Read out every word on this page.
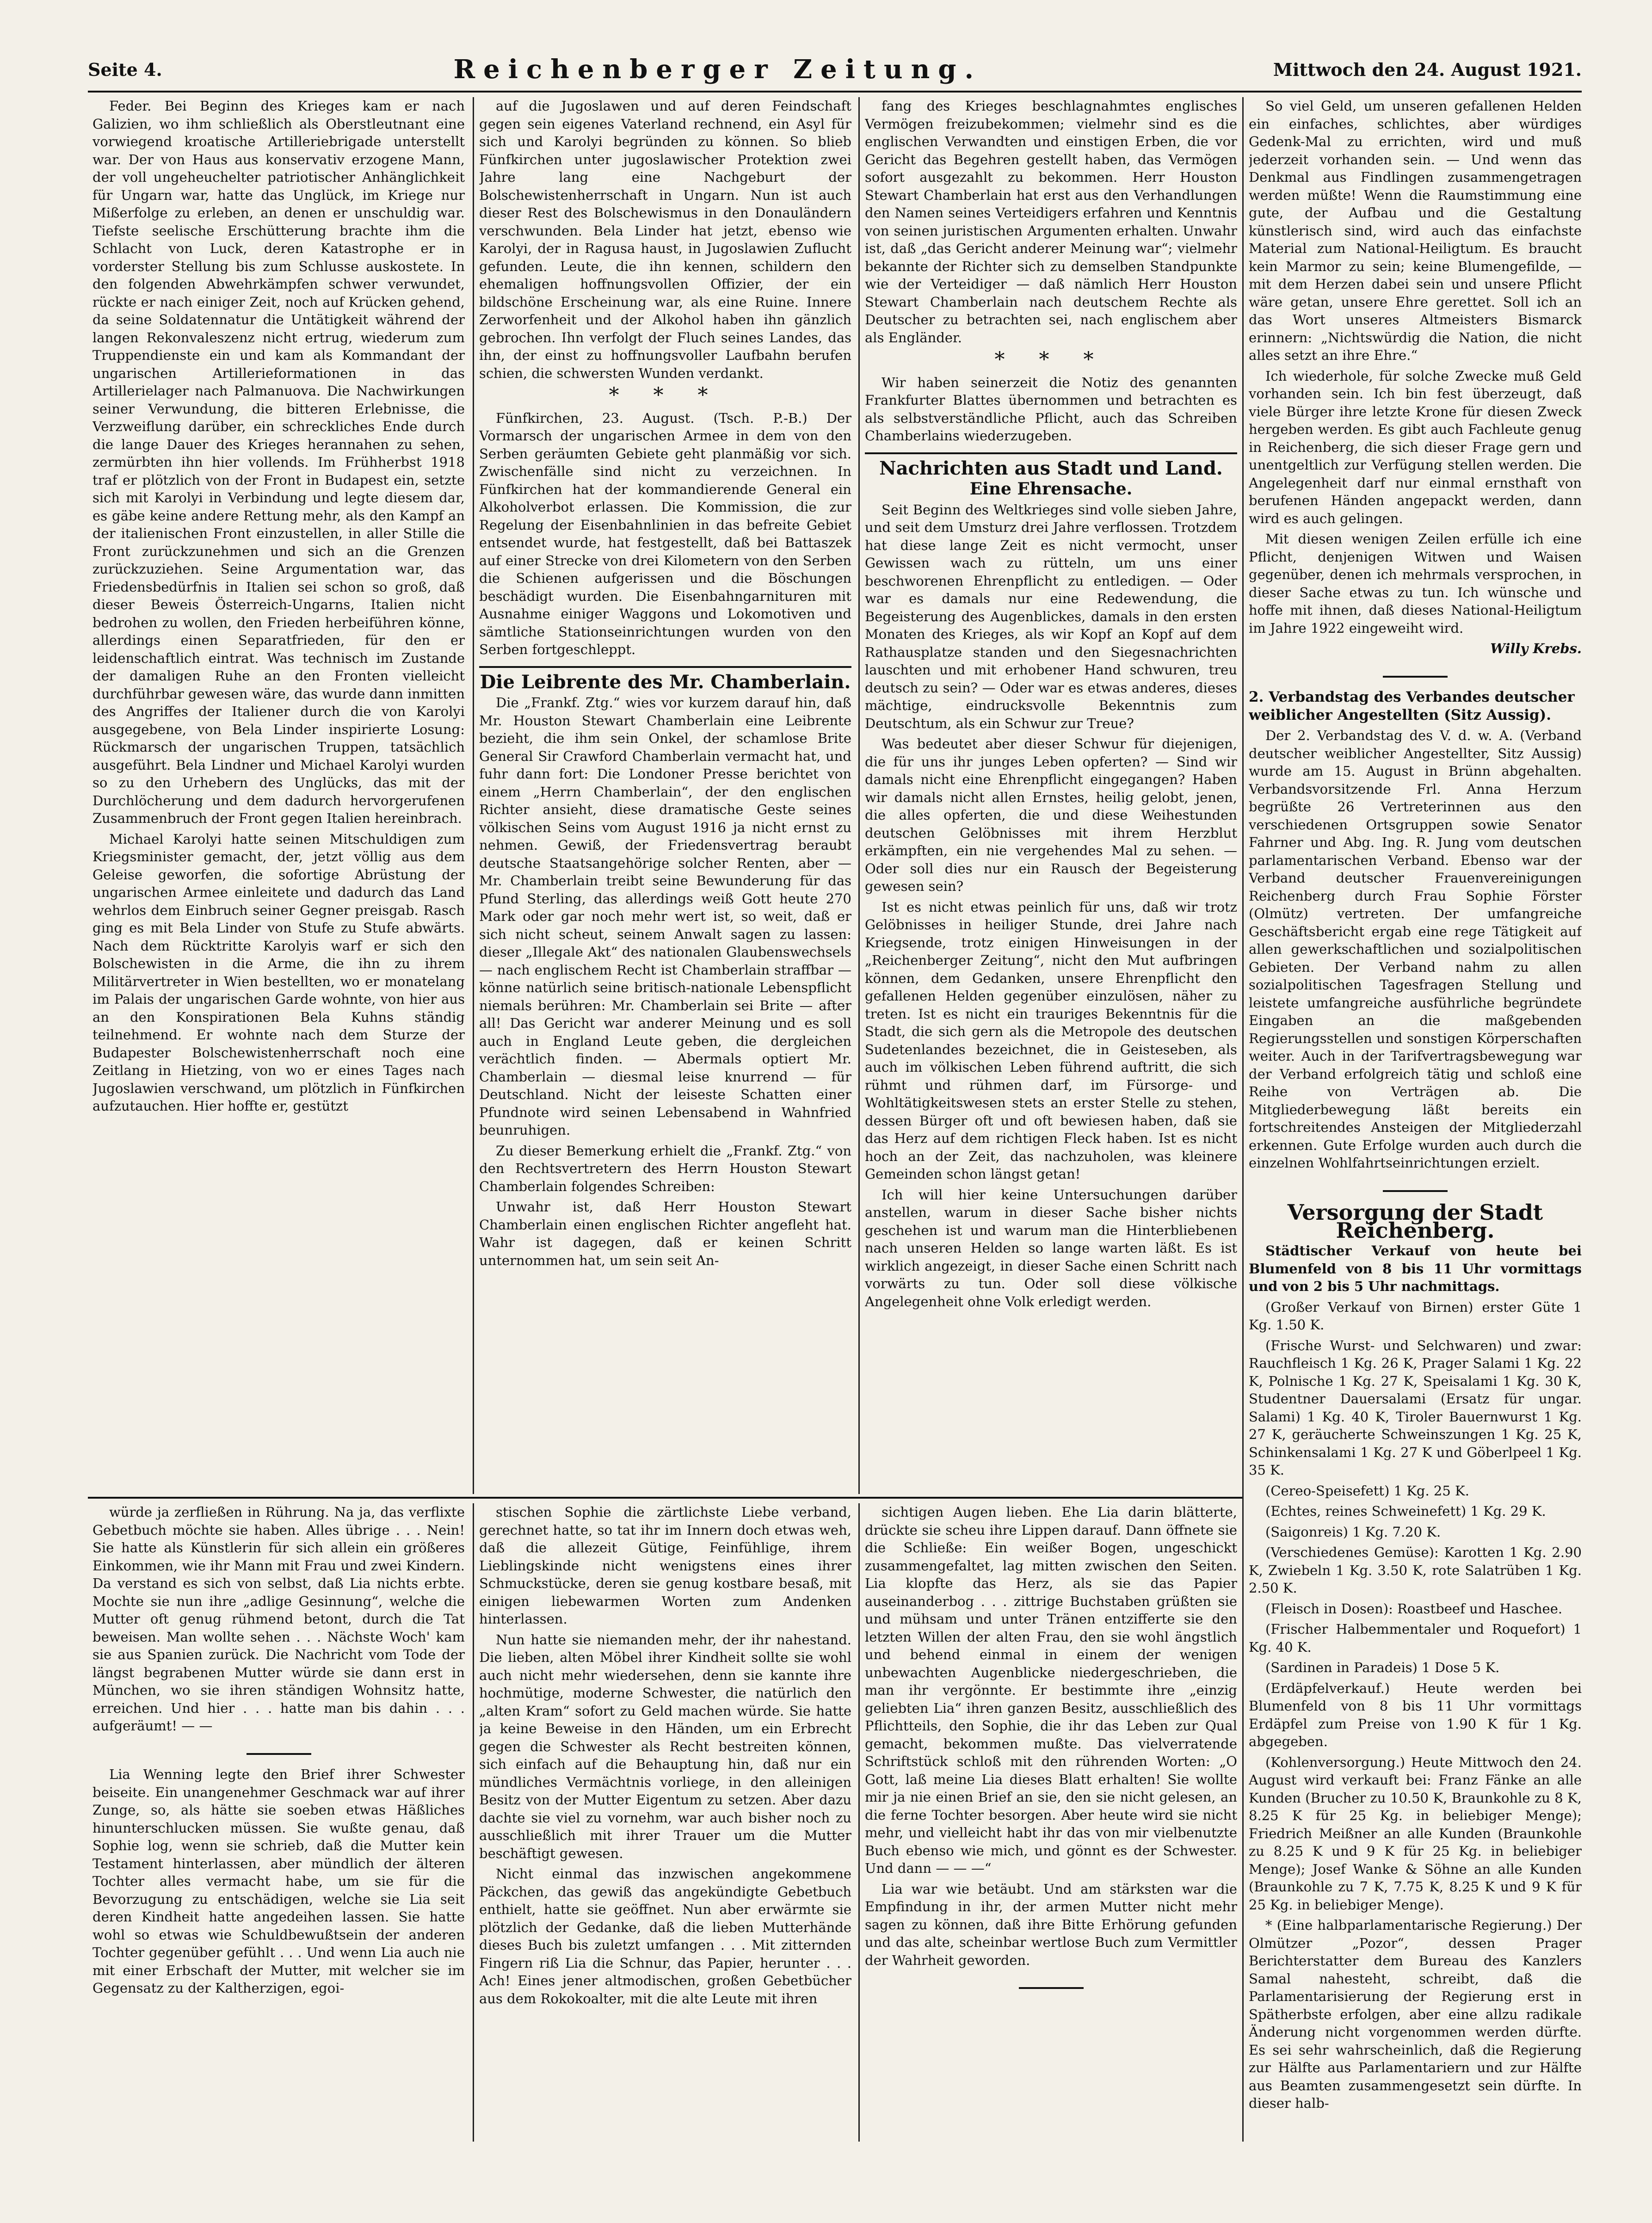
Seite 4.	Reichenberger Zeitung.	Mittwoch den 24. August 1921.

Feder. Bei Beginn des Krieges kam er nach Galizien, wo ihm schließlich als Oberstleutnant eine vorwiegend kroatische Artilleriebrigade unterstellt war. Der von Haus aus konservativ erzogene Mann, der voll ungeheuchelter patriotischer Anhänglichkeit für Ungarn war, hatte das Unglück, im Kriege nur Mißerfolge zu erleben, an denen er unschuldig war. Tiefste seelische Erschütterung brachte ihm die Schlacht von Luck, deren Katastrophe er in vorderster Stellung bis zum Schlusse auskostete. In den folgenden Abwehrkämpfen schwer verwundet, rückte er nach einiger Zeit, noch auf Krücken gehend, da seine Soldatennatur die Untätigkeit während der langen Rekonvaleszenz nicht ertrug, wiederum zum Truppendienste ein und kam als Kommandant der ungarischen Artillerieformationen in das Artillerielager nach Palmanuova. Die Nachwirkungen seiner Verwundung, die bitteren Erlebnisse, die Verzweiflung darüber, ein schreckliches Ende durch die lange Dauer des Krieges herannahen zu sehen, zermürbten ihn hier vollends. Im Frühherbst 1918 traf er plötzlich von der Front in Budapest ein, setzte sich mit Karolyi in Verbindung und legte diesem dar, es gäbe keine andere Rettung mehr, als den Kampf an der italienischen Front einzustellen, in aller Stille die Front zurückzunehmen und sich an die Grenzen zurückzuziehen. Seine Argumentation war, das Friedensbedürfnis in Italien sei schon so groß, daß dieser Beweis Österreich-Ungarns, Italien nicht bedrohen zu wollen, den Frieden herbeiführen könne, allerdings einen Separatfrieden, für den er leidenschaftlich eintrat. Was technisch im Zustande der damaligen Ruhe an den Fronten vielleicht durchführbar gewesen wäre, das wurde dann inmitten des Angriffes der Italiener durch die von Karolyi ausgegebene, von Bela Linder inspirierte Losung: Rückmarsch der ungarischen Truppen, tatsächlich ausgeführt. Bela Lindner und Michael Karolyi wurden so zu den Urhebern des Unglücks, das mit der Durchlöcherung und dem dadurch hervorgerufenen Zusammenbruch der Front gegen Italien hereinbrach.

Michael Karolyi hatte seinen Mitschuldigen zum Kriegsminister gemacht, der, jetzt völlig aus dem Geleise geworfen, die sofortige Abrüstung der ungarischen Armee einleitete und dadurch das Land wehrlos dem Einbruch seiner Gegner preisgab. Rasch ging es mit Bela Linder von Stufe zu Stufe abwärts. Nach dem Rücktritte Karolyis warf er sich den Bolschewisten in die Arme, die ihn zu ihrem Militärvertreter in Wien bestellten, wo er monatelang im Palais der ungarischen Garde wohnte, von hier aus an den Konspirationen Bela Kuhns ständig teilnehmend. Er wohnte nach dem Sturze der Budapester Bolschewistenherrschaft noch eine Zeitlang in Hietzing, von wo er eines Tages nach Jugoslawien verschwand, um plötzlich in Fünfkirchen aufzutauchen. Hier hoffte er, gestützt

auf die Jugoslawen und auf deren Feindschaft gegen sein eigenes Vaterland rechnend, ein Asyl für sich und Karolyi begründen zu können. So blieb Fünfkirchen unter jugoslawischer Protektion zwei Jahre lang eine Nachgeburt der Bolschewistenherrschaft in Ungarn. Nun ist auch dieser Rest des Bolschewismus in den Donauländern verschwunden. Bela Linder hat jetzt, ebenso wie Karolyi, der in Ragusa haust, in Jugoslawien Zuflucht gefunden. Leute, die ihn kennen, schildern den ehemaligen hoffnungsvollen Offizier, der ein bildschöne Erscheinung war, als eine Ruine. Innere Zerworfenheit und der Alkohol haben ihn gänzlich gebrochen. Ihn verfolgt der Fluch seines Landes, das ihn, der einst zu hoffnungsvoller Laufbahn berufen schien, die schwersten Wunden verdankt.

* * *

Fünfkirchen, 23. August. (Tsch. P.-B.) Der Vormarsch der ungarischen Armee in dem von den Serben geräumten Gebiete geht planmäßig vor sich. Zwischenfälle sind nicht zu verzeichnen. In Fünfkirchen hat der kommandierende General ein Alkoholverbot erlassen. Die Kommission, die zur Regelung der Eisenbahnlinien in das befreite Gebiet entsendet wurde, hat festgestellt, daß bei Battaszek auf einer Strecke von drei Kilometern von den Serben die Schienen aufgerissen und die Böschungen beschädigt wurden. Die Eisenbahngarnituren mit Ausnahme einiger Waggons und Lokomotiven und sämtliche Stationseinrichtungen wurden von den Serben fortgeschleppt.

Die Leibrente des Mr. Chamberlain.

Die „Frankf. Ztg.“ wies vor kurzem darauf hin, daß Mr. Houston Stewart Chamberlain eine Leibrente bezieht, die ihm sein Onkel, der schamlose Brite General Sir Crawford Chamberlain vermacht hat, und fuhr dann fort: Die Londoner Presse berichtet von einem „Herrn Chamberlain“, der den englischen Richter ansieht, diese dramatische Geste seines völkischen Seins vom August 1916 ja nicht ernst zu nehmen. Gewiß, der Friedensvertrag beraubt deutsche Staatsangehörige solcher Renten, aber — Mr. Chamberlain treibt seine Bewunderung für das Pfund Sterling, das allerdings weiß Gott heute 270 Mark oder gar noch mehr wert ist, so weit, daß er sich nicht scheut, seinem Anwalt sagen zu lassen: dieser „Illegale Akt“ des nationalen Glaubenswechsels — nach englischem Recht ist Chamberlain straffbar — könne natürlich seine britisch-nationale Lebenspflicht niemals berühren: Mr. Chamberlain sei Brite — after all! Das Gericht war anderer Meinung und es soll auch in England Leute geben, die dergleichen verächtlich finden. — Abermals optiert Mr. Chamberlain — diesmal leise knurrend — für Deutschland. Nicht der leiseste Schatten einer Pfundnote wird seinen Lebensabend in Wahnfried beunruhigen.

Zu dieser Bemerkung erhielt die „Frankf. Ztg.“ von den Rechtsvertretern des Herrn Houston Stewart Chamberlain folgendes Schreiben:

Unwahr ist, daß Herr Houston Stewart Chamberlain einen englischen Richter angefleht hat. Wahr ist dagegen, daß er keinen Schritt unternommen hat, um sein seit An-

fang des Krieges beschlagnahmtes englisches Vermögen freizubekommen; vielmehr sind es die englischen Verwandten und einstigen Erben, die vor Gericht das Begehren gestellt haben, das Vermögen sofort ausgezahlt zu bekommen. Herr Houston Stewart Chamberlain hat erst aus den Verhandlungen den Namen seines Verteidigers erfahren und Kenntnis von seinen juristischen Argumenten erhalten. Unwahr ist, daß „das Gericht anderer Meinung war“; vielmehr bekannte der Richter sich zu demselben Standpunkte wie der Verteidiger — daß nämlich Herr Houston Stewart Chamberlain nach deutschem Rechte als Deutscher zu betrachten sei, nach englischem aber als Engländer.

* * *

Wir haben seinerzeit die Notiz des genannten Frankfurter Blattes übernommen und betrachten es als selbstverständliche Pflicht, auch das Schreiben Chamberlains wiederzugeben.

Nachrichten aus Stadt und Land.
Eine Ehrensache.

Seit Beginn des Weltkrieges sind volle sieben Jahre, und seit dem Umsturz drei Jahre verflossen. Trotzdem hat diese lange Zeit es nicht vermocht, unser Gewissen wach zu rütteln, um uns einer beschworenen Ehrenpflicht zu entledigen. — Oder war es damals nur eine Redewendung, die Begeisterung des Augenblickes, damals in den ersten Monaten des Krieges, als wir Kopf an Kopf auf dem Rathausplatze standen und den Siegesnachrichten lauschten und mit erhobener Hand schwuren, treu deutsch zu sein? — Oder war es etwas anderes, dieses mächtige, eindrucksvolle Bekenntnis zum Deutschtum, als ein Schwur zur Treue?

Was bedeutet aber dieser Schwur für diejenigen, die für uns ihr junges Leben opferten? — Sind wir damals nicht eine Ehrenpflicht eingegangen? Haben wir damals nicht allen Ernstes, heilig gelobt, jenen, die alles opferten, die und diese Weihestunden deutschen Gelöbnisses mit ihrem Herzblut erkämpften, ein nie vergehendes Mal zu sehen. — Oder soll dies nur ein Rausch der Begeisterung gewesen sein?

Ist es nicht etwas peinlich für uns, daß wir trotz Gelöbnisses in heiliger Stunde, drei Jahre nach Kriegsende, trotz einigen Hinweisungen in der „Reichenberger Zeitung“, nicht den Mut aufbringen können, dem Gedanken, unsere Ehrenpflicht den gefallenen Helden gegenüber einzulösen, näher zu treten. Ist es nicht ein trauriges Bekenntnis für die Stadt, die sich gern als die Metropole des deutschen Sudetenlandes bezeichnet, die in Geisteseben, als auch im völkischen Leben führend auftritt, die sich rühmt und rühmen darf, im Fürsorge- und Wohltätigkeitswesen stets an erster Stelle zu stehen, dessen Bürger oft und oft bewiesen haben, daß sie das Herz auf dem richtigen Fleck haben. Ist es nicht hoch an der Zeit, das nachzuholen, was kleinere Gemeinden schon längst getan!

Ich will hier keine Untersuchungen darüber anstellen, warum in dieser Sache bisher nichts geschehen ist und warum man die Hinterbliebenen nach unseren Helden so lange warten läßt. Es ist wirklich angezeigt, in dieser Sache einen Schritt nach vorwärts zu tun. Oder soll diese völkische Angelegenheit ohne Volk erledigt werden.

So viel Geld, um unseren gefallenen Helden ein einfaches, schlichtes, aber würdiges Gedenk-Mal zu errichten, wird und muß jederzeit vorhanden sein. — Und wenn das Denkmal aus Findlingen zusammengetragen werden müßte! Wenn die Raumstimmung eine gute, der Aufbau und die Gestaltung künstlerisch sind, wird auch das einfachste Material zum National-Heiligtum. Es braucht kein Marmor zu sein; keine Blumengefilde, — mit dem Herzen dabei sein und unsere Pflicht wäre getan, unsere Ehre gerettet. Soll ich an das Wort unseres Altmeisters Bismarck erinnern: „Nichtswürdig die Nation, die nicht alles setzt an ihre Ehre.“

Ich wiederhole, für solche Zwecke muß Geld vorhanden sein. Ich bin fest überzeugt, daß viele Bürger ihre letzte Krone für diesen Zweck hergeben werden. Es gibt auch Fachleute genug in Reichenberg, die sich dieser Frage gern und unentgeltlich zur Verfügung stellen werden. Die Angelegenheit darf nur einmal ernsthaft von berufenen Händen angepackt werden, dann wird es auch gelingen.

Mit diesen wenigen Zeilen erfülle ich eine Pflicht, denjenigen Witwen und Waisen gegenüber, denen ich mehrmals versprochen, in dieser Sache etwas zu tun. Ich wünsche und hoffe mit ihnen, daß dieses National-Heiligtum im Jahre 1922 eingeweiht wird.

Willy Krebs.
2. Verbandstag des Verbandes deutscher weiblicher Angestellten (Sitz Aussig).

Der 2. Verbandstag des V. d. w. A. (Verband deutscher weiblicher Angestellter, Sitz Aussig) wurde am 15. August in Brünn abgehalten. Verbandsvorsitzende Frl. Anna Herzum begrüßte 26 Vertreterinnen aus den verschiedenen Ortsgruppen sowie Senator Fahrner und Abg. Ing. R. Jung vom deutschen parlamentarischen Verband. Ebenso war der Verband deutscher Frauenvereinigungen Reichenberg durch Frau Sophie Förster (Olmütz) vertreten. Der umfangreiche Geschäftsbericht ergab eine rege Tätigkeit auf allen gewerkschaftlichen und sozialpolitischen Gebieten. Der Verband nahm zu allen sozialpolitischen Tagesfragen Stellung und leistete umfangreiche ausführliche begründete Eingaben an die maßgebenden Regierungsstellen und sonstigen Körperschaften weiter. Auch in der Tarifvertragsbewegung war der Verband erfolgreich tätig und schloß eine Reihe von Verträgen ab. Die Mitgliederbewegung läßt bereits ein fortschreitendes Ansteigen der Mitgliederzahl erkennen. Gute Erfolge wurden auch durch die einzelnen Wohlfahrtseinrichtungen erzielt.

Versorgung der Stadt Reichenberg.

Städtischer Verkauf von heute bei Blumenfeld von 8 bis 11 Uhr vormittags und von 2 bis 5 Uhr nachmittags.

(Großer Verkauf von Birnen) erster Güte 1 Kg. 1.50 K.

(Frische Wurst- und Selchwaren) und zwar: Rauchfleisch 1 Kg. 26 K, Prager Salami 1 Kg. 22 K, Polnische 1 Kg. 27 K, Speisalami 1 Kg. 30 K, Studentner Dauersalami (Ersatz für ungar. Salami) 1 Kg. 40 K, Tiroler Bauernwurst 1 Kg. 27 K, geräucherte Schweinszungen 1 Kg. 25 K, Schinkensalami 1 Kg. 27 K und Göberlpeel 1 Kg. 35 K.

(Cereo-Speisefett) 1 Kg. 25 K.

(Echtes, reines Schweinefett) 1 Kg. 29 K.

(Saigonreis) 1 Kg. 7.20 K.

(Verschiedenes Gemüse): Karotten 1 Kg. 2.90 K, Zwiebeln 1 Kg. 3.50 K, rote Salatrüben 1 Kg. 2.50 K.

(Fleisch in Dosen): Roastbeef und Haschee.

(Frischer Halbemmentaler und Roquefort) 1 Kg. 40 K.

(Sardinen in Paradeis) 1 Dose 5 K.

(Erdäpfelverkauf.) Heute werden bei Blumenfeld von 8 bis 11 Uhr vormittags Erdäpfel zum Preise von 1.90 K für 1 Kg. abgegeben.

(Kohlenversorgung.) Heute Mittwoch den 24. August wird verkauft bei: Franz Fänke an alle Kunden (Brucher zu 10.50 K, Braunkohle zu 8 K, 8.25 K für 25 Kg. in beliebiger Menge); Friedrich Meißner an alle Kunden (Braunkohle zu 8.25 K und 9 K für 25 Kg. in beliebiger Menge); Josef Wanke & Söhne an alle Kunden (Braunkohle zu 7 K, 7.75 K, 8.25 K und 9 K für 25 Kg. in beliebiger Menge).

* (Eine halbparlamentarische Regierung.) Der Olmützer „Pozor“, dessen Prager Berichterstatter dem Bureau des Kanzlers Samal nahesteht, schreibt, daß die Parlamentarisierung der Regierung erst in Spätherbste erfolgen, aber eine allzu radikale Änderung nicht vorgenommen werden dürfte. Es sei sehr wahrscheinlich, daß die Regierung zur Hälfte aus Parlamentariern und zur Hälfte aus Beamten zusammengesetzt sein dürfte. In dieser halb-

würde ja zerfließen in Rührung. Na ja, das verflixte Gebetbuch möchte sie haben. Alles übrige . . . Nein! Sie hatte als Künstlerin für sich allein ein größeres Einkommen, wie ihr Mann mit Frau und zwei Kindern. Da verstand es sich von selbst, daß Lia nichts erbte. Mochte sie nun ihre „adlige Gesinnung“, welche die Mutter oft genug rühmend betont, durch die Tat beweisen. Man wollte sehen . . . Nächste Woch' kam sie aus Spanien zurück. Die Nachricht vom Tode der längst begrabenen Mutter würde sie dann erst in München, wo sie ihren ständigen Wohnsitz hatte, erreichen. Und hier . . . hatte man bis dahin . . . aufgeräumt! — —

Lia Wenning legte den Brief ihrer Schwester beiseite. Ein unangenehmer Geschmack war auf ihrer Zunge, so, als hätte sie soeben etwas Häßliches hinunterschlucken müssen. Sie wußte genau, daß Sophie log, wenn sie schrieb, daß die Mutter kein Testament hinterlassen, aber mündlich der älteren Tochter alles vermacht habe, um sie für die Bevorzugung zu entschädigen, welche sie Lia seit deren Kindheit hatte angedeihen lassen. Sie hatte wohl so etwas wie Schuldbewußtsein der anderen Tochter gegenüber gefühlt . . . Und wenn Lia auch nie mit einer Erbschaft der Mutter, mit welcher sie im Gegensatz zu der Kaltherzigen, egoi-

stischen Sophie die zärtlichste Liebe verband, gerechnet hatte, so tat ihr im Innern doch etwas weh, daß die allezeit Gütige, Feinfühlige, ihrem Lieblingskinde nicht wenigstens eines ihrer Schmuckstücke, deren sie genug kostbare besaß, mit einigen liebewarmen Worten zum Andenken hinterlassen.

Nun hatte sie niemanden mehr, der ihr nahestand. Die lieben, alten Möbel ihrer Kindheit sollte sie wohl auch nicht mehr wiedersehen, denn sie kannte ihre hochmütige, moderne Schwester, die natürlich den „alten Kram“ sofort zu Geld machen würde. Sie hatte ja keine Beweise in den Händen, um ein Erbrecht gegen die Schwester als Recht bestreiten können, sich einfach auf die Behauptung hin, daß nur ein mündliches Vermächtnis vorliege, in den alleinigen Besitz von der Mutter Eigentum zu setzen. Aber dazu dachte sie viel zu vornehm, war auch bisher noch zu ausschließlich mit ihrer Trauer um die Mutter beschäftigt gewesen.

Nicht einmal das inzwischen angekommene Päckchen, das gewiß das angekündigte Gebetbuch enthielt, hatte sie geöffnet. Nun aber erwärmte sie plötzlich der Gedanke, daß die lieben Mutterhände dieses Buch bis zuletzt umfangen . . . Mit zitternden Fingern riß Lia die Schnur, das Papier, herunter . . . Ach! Eines jener altmodischen, großen Gebetbücher aus dem Rokokoalter, mit die alte Leute mit ihren

sichtigen Augen lieben. Ehe Lia darin blätterte, drückte sie scheu ihre Lippen darauf. Dann öffnete sie die Schließe: Ein weißer Bogen, ungeschickt zusammengefaltet, lag mitten zwischen den Seiten. Lia klopfte das Herz, als sie das Papier auseinanderbog . . . zittrige Buchstaben grüßten sie und mühsam und unter Tränen entzifferte sie den letzten Willen der alten Frau, den sie wohl ängstlich und behend einmal in einem der wenigen unbewachten Augenblicke niedergeschrieben, die man ihr vergönnte. Er bestimmte ihre „einzig geliebten Lia“ ihren ganzen Besitz, ausschließlich des Pflichtteils, den Sophie, die ihr das Leben zur Qual gemacht, bekommen mußte. Das vielverratende Schriftstück schloß mit den rührenden Worten: „O Gott, laß meine Lia dieses Blatt erhalten! Sie wollte mir ja nie einen Brief an sie, den sie nicht gelesen, an die ferne Tochter besorgen. Aber heute wird sie nicht mehr, und vielleicht habt ihr das von mir vielbenutzte Buch ebenso wie mich, und gönnt es der Schwester. Und dann — — —“

Lia war wie betäubt. Und am stärksten war die Empfindung in ihr, der armen Mutter nicht mehr sagen zu können, daß ihre Bitte Erhörung gefunden und das alte, scheinbar wertlose Buch zum Vermittler der Wahrheit geworden.
